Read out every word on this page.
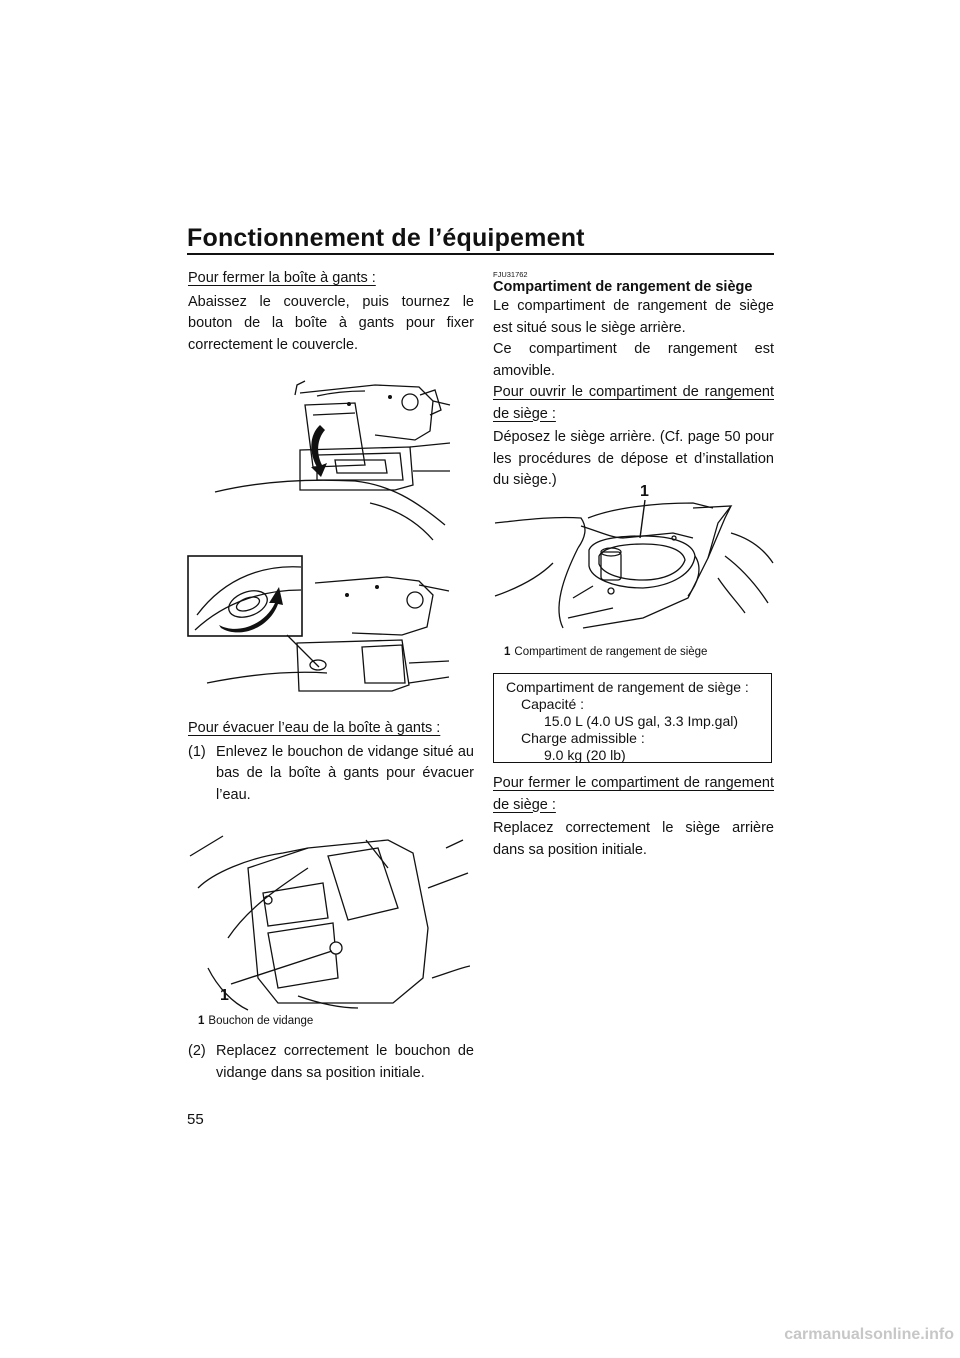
Fonctionnement de l’équipement
55

Pour fermer la boîte à gants :

Abaissez le couvercle, puis tournez le bouton de la boîte à gants pour fixer correctement le couvercle.

Pour évacuer l’eau de la boîte à gants :

(1) Enlevez le bouchon de vidange situé au bas de la boîte à gants pour évacuer l’eau.
1
1 Bouchon de vidange
(2) Replacez correctement le bouchon de vidange dans sa position initiale.

FJU31762

Compartiment de rangement de siège

Le compartiment de rangement de siège est situé sous le siège arrière.

Ce compartiment de rangement est amovible.

Pour ouvrir le compartiment de rangement de siège :

Déposez le siège arrière. (Cf. page 50 pour les procédures de dépose et d’installation du siège.)

1
1 Compartiment de rangement de siège
Compartiment de rangement de siège :
Capacité :
15.0 L (4.0 US gal, 3.3 Imp.gal)
Charge admissible :
9.0 kg (20 lb)

Pour fermer le compartiment de rangement de siège :

Replacez correctement le siège arrière dans sa position initiale.

carmanualsonline.info
